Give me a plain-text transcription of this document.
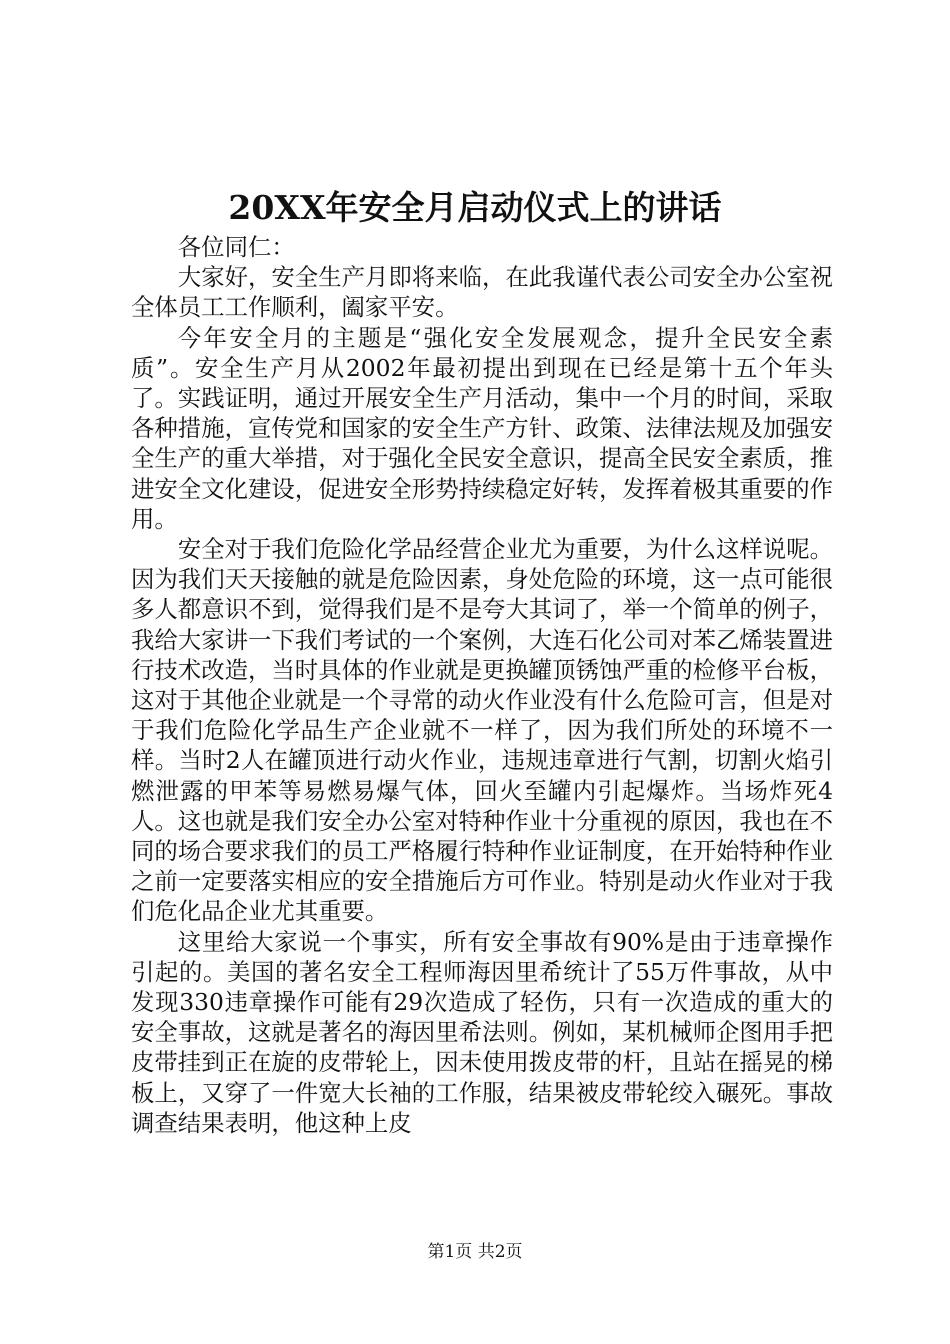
20XX年安全月启动仪式上的讲话

各位同仁：

大家好，安全生产月即将来临，在此我谨代表公司安全办公室祝全体员工工作顺利，阖家平安。

今年安全月的主题是“强化安全发展观念，提升全民安全素质”。安全生产月从2002年最初提出到现在已经是第十五个年头了。实践证明，通过开展安全生产月活动，集中一个月的时间，采取各种措施，宣传党和国家的安全生产方针、政策、法律法规及加强安全生产的重大举措，对于强化全民安全意识，提高全民安全素质，推进安全文化建设，促进安全形势持续稳定好转，发挥着极其重要的作用。

安全对于我们危险化学品经营企业尤为重要，为什么这样说呢。因为我们天天接触的就是危险因素，身处危险的环境，这一点可能很多人都意识不到，觉得我们是不是夸大其词了，举一个简单的例子，我给大家讲一下我们考试的一个案例，大连石化公司对苯乙烯装置进行技术改造，当时具体的作业就是更换罐顶锈蚀严重的检修平台板，这对于其他企业就是一个寻常的动火作业没有什么危险可言，但是对于我们危险化学品生产企业就不一样了，因为我们所处的环境不一样。当时2人在罐顶进行动火作业，违规违章进行气割，切割火焰引燃泄露的甲苯等易燃易爆气体，回火至罐内引起爆炸。当场炸死4人。这也就是我们安全办公室对特种作业十分重视的原因，我也在不同的场合要求我们的员工严格履行特种作业证制度，在开始特种作业之前一定要落实相应的安全措施后方可作业。特别是动火作业对于我们危化品企业尤其重要。

这里给大家说一个事实，所有安全事故有90%是由于违章操作引起的。美国的著名安全工程师海因里希统计了55万件事故，从中发现330违章操作可能有29次造成了轻伤，只有一次造成的重大的安全事故，这就是著名的海因里希法则。例如，某机械师企图用手把皮带挂到正在旋的皮带轮上，因未使用拨皮带的杆，且站在摇晃的梯板上，又穿了一件宽大长袖的工作服，结果被皮带轮绞入碾死。事故调查结果表明，他这种上皮

第1页 共2页
